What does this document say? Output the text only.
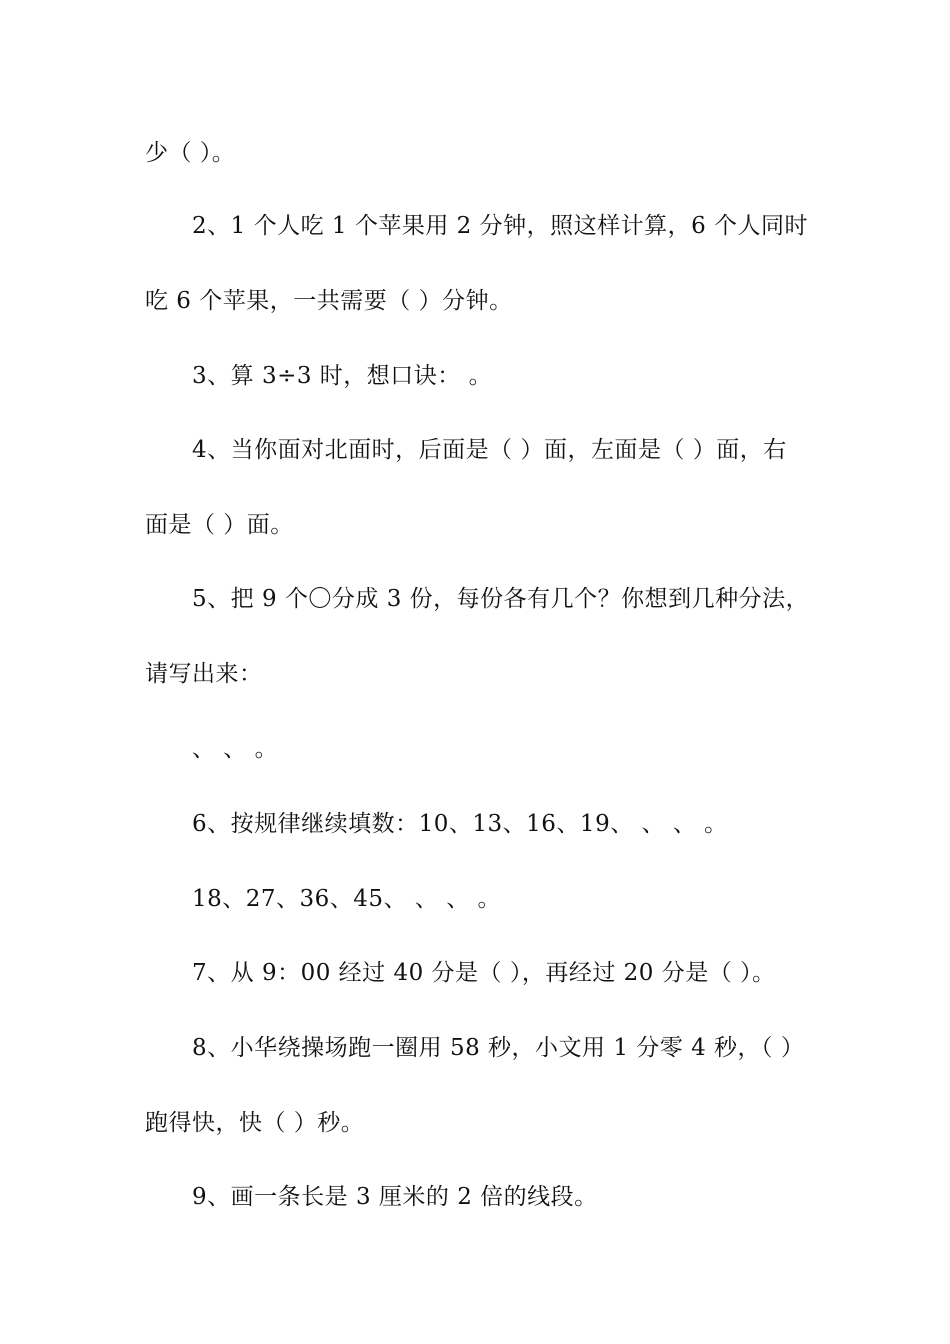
少（ ）。
2、1 个人吃 1 个苹果用 2 分钟，照这样计算，6 个人同时
吃 6 个苹果，一共需要（ ）分钟。
3、算 3÷3 时，想口诀： 。
4、当你面对北面时，后面是（ ）面，左面是（ ）面，右
面是（ ）面。
5、把 9 个〇分成 3 份，每份各有几个？你想到几种分法，
请写出来：
、 、 。
6、按规律继续填数：10、13、16、19、 、 、 。
18、27、36、45、 、 、 。
7、从 9：00 经过 40 分是（ ），再经过 20 分是（ ）。
8、小华绕操场跑一圈用 58 秒，小文用 1 分零 4 秒，（ ）
跑得快，快（ ）秒。
9、画一条长是 3 厘米的 2 倍的线段。
